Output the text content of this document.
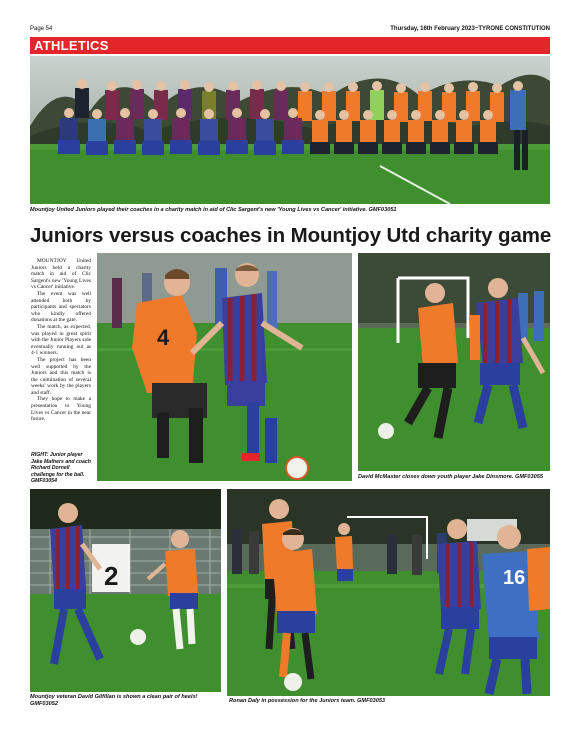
Page 54	Thursday, 16th February 2023~TYRONE CONSTITUTION
ATHLETICS
Mountjoy United Juniors played their coaches in a charity match in aid of Clic Sargent's new 'Young Lives vs Cancer' initiative. GMF03051
Juniors versus coaches in Mountjoy Utd charity game

MOUNTJOY United Juniors held a charity match in aid of Clic Sargent's new 'Young Lives vs Cancer' initiative.

The event was well attended both by participants and spectators who kindly offered donations at the gate.

The match, as expected, was played in great spirit with the Junior Players side eventually running out as 4-1 winners.

The project has been well supported by the Juniors and this match is the culmination of several weeks' work by the players and staff.

They hope to make a presentation to Young Lives vs Cancer in the near future.

RIGHT: Junior player Jake Mathers and coach Richard Dornell challenge for the ball. GMF03054
4
David McMaster closes down youth player Jake Dinsmore. GMF03055
2
Mountjoy veteran David Gilfillan is shown a clean pair of heels! GMF03052
16
Ronan Daly in possession for the Juniors team. GMF03053
